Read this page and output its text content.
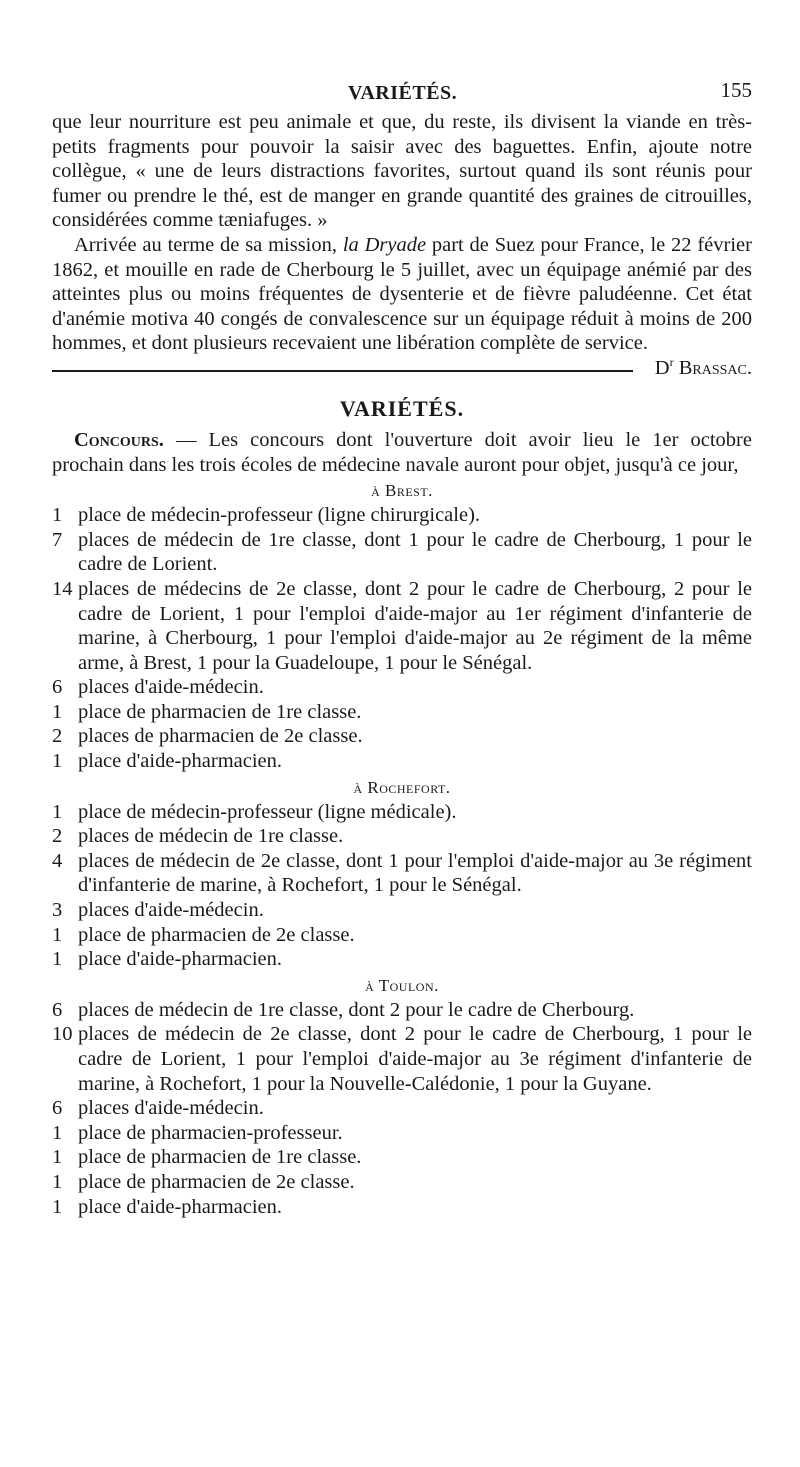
VARIÉTÉS.	155

que leur nourriture est peu animale et que, du reste, ils divisent la viande en très-petits fragments pour pouvoir la saisir avec des baguettes. Enfin, ajoute notre collègue, « une de leurs distractions favorites, surtout quand ils sont réunis pour fumer ou prendre le thé, est de manger en grande quantité des graines de citrouilles, considérées comme tæniafuges. »

Arrivée au terme de sa mission, la Dryade part de Suez pour France, le 22 février 1862, et mouille en rade de Cherbourg le 5 juillet, avec un équipage anémié par des atteintes plus ou moins fréquentes de dysenterie et de fièvre paludéenne. Cet état d'anémie motiva 40 congés de convalescence sur un équipage réduit à moins de 200 hommes, et dont plusieurs recevaient une libération complète de service.
$D^r$ Brassac.

VARIÉTÉS.

Concours. — Les concours dont l'ouverture doit avoir lieu le 1er octobre prochain dans les trois écoles de médecine navale auront pour objet, jusqu'à ce jour,

à Brest.

1 place de médecin-professeur (ligne chirurgicale).

7 places de médecin de 1re classe, dont 1 pour le cadre de Cherbourg, 1 pour le cadre de Lorient.

14 places de médecins de 2e classe, dont 2 pour le cadre de Cherbourg, 2 pour le cadre de Lorient, 1 pour l'emploi d'aide-major au 1er régiment d'infanterie de marine, à Cherbourg, 1 pour l'emploi d'aide-major au 2e régiment de la même arme, à Brest, 1 pour la Guadeloupe, 1 pour le Sénégal.

6 places d'aide-médecin.

1 place de pharmacien de 1re classe.

2 places de pharmacien de 2e classe.

1 place d'aide-pharmacien.

à Rochefort.

1 place de médecin-professeur (ligne médicale).

2 places de médecin de 1re classe.

4 places de médecin de 2e classe, dont 1 pour l'emploi d'aide-major au 3e régiment d'infanterie de marine, à Rochefort, 1 pour le Sénégal.

3 places d'aide-médecin.

1 place de pharmacien de 2e classe.

1 place d'aide-pharmacien.

à Toulon.

6 places de médecin de 1re classe, dont 2 pour le cadre de Cherbourg.

10 places de médecin de 2e classe, dont 2 pour le cadre de Cherbourg, 1 pour le cadre de Lorient, 1 pour l'emploi d'aide-major au 3e régiment d'infanterie de marine, à Rochefort, 1 pour la Nouvelle-Calédonie, 1 pour la Guyane.

6 places d'aide-médecin.

1 place de pharmacien-professeur.

1 place de pharmacien de 1re classe.

1 place de pharmacien de 2e classe.

1 place d'aide-pharmacien.
